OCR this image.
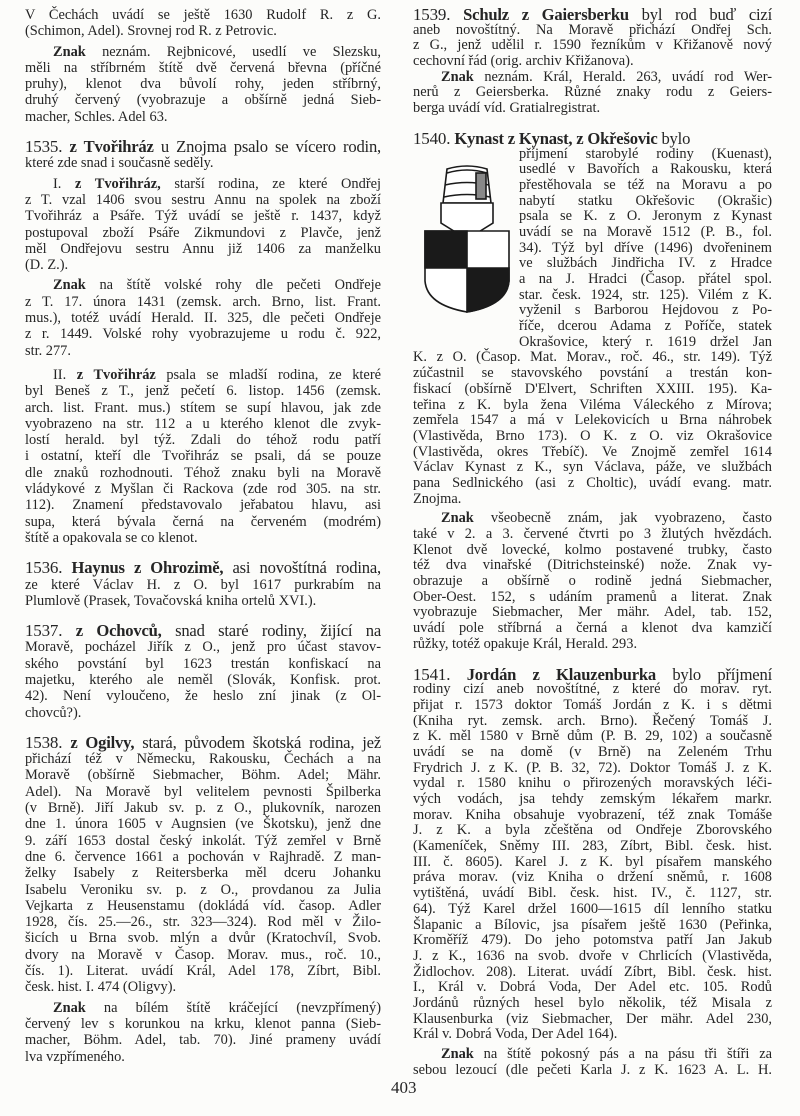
V Čechách uvádí se ještě 1630 Rudolf R. z G.
(Schimon, Adel). Srovnej rod R. z Petrovic.
Znak neznám. Rejbnicové, usedlí ve Slezsku,
měli na stříbrném štítě dvě červená břevna (příčné
pruhy), klenot dva bůvolí rohy, jeden stříbrný,
druhý červený (vyobrazuje a obšírně jedná Sieb-
macher, Schles. Adel 63.
1535. z Tvořihráz u Znojma psalo se vícero rodin,
které zde snad i současně seděly.
I. z Tvořihráz, starší rodina, ze které Ondřej
z T. vzal 1406 svou sestru Annu na spolek na zboží
Tvořihráz a Psáře. Týž uvádí se ještě r. 1437, když
postupoval zboží Psáře Zikmundovi z Plavče, jenž
měl Ondřejovu sestru Annu již 1406 za manželku
(D. Z.).
Znak na štítě volské rohy dle pečeti Ondřeje
z T. 17. února 1431 (zemsk. arch. Brno, list. Frant.
mus.), totéž uvádí Herald. II. 325, dle pečeti Ondřeje
z r. 1449. Volské rohy vyobrazujeme u rodu č. 922,
str. 277.
II. z Tvořihráz psala se mladší rodina, ze které
byl Beneš z T., jenž pečetí 6. listop. 1456 (zemsk.
arch. list. Frant. mus.) stítem se supí hlavou, jak zde
vyobrazeno na str. 112 a u kterého klenot dle zvyk-
lostí herald. byl týž. Zdali do téhož rodu patří
i ostatní, kteří dle Tvořihráz se psali, dá se pouze
dle znaků rozhodnouti. Téhož znaku byli na Moravě
vládykové z Myšlan či Rackova (zde rod 305. na str.
112). Znamení představovalo jeřabatou hlavu, asi
supa, která bývala černá na červeném (modrém)
štítě a opakovala se co klenot.
1536. Haynus z Ohrozimě, asi novoštítná rodina,
ze které Václav H. z O. byl 1617 purkrabím na
Plumlově (Prasek, Tovačovská kniha ortelů XVI.).
1537. z Ochovců, snad staré rodiny, žijící na
Moravě, pocházel Jiřík z O., jenž pro účast stavov-
ského povstání byl 1623 trestán konfiskací na
majetku, kterého ale neměl (Slovák, Konfisk. prot.
42). Není vyloučeno, že heslo zní jinak (z Ol-
chovců?).
1538. z Ogilvy, stará, původem škotská rodina, jež
přichází též v Německu, Rakousku, Čechách a na
Moravě (obšírně Siebmacher, Böhm. Adel; Mähr.
Adel). Na Moravě byl velitelem pevnosti Špilberka
(v Brně). Jiří Jakub sv. p. z O., plukovník, narozen
dne 1. února 1605 v Augnsien (ve Škotsku), jenž dne
9. září 1653 dostal český inkolát. Týž zemřel v Brně
dne 6. července 1661 a pochován v Rajhradě. Z man-
želky Isabely z Reitersberka měl dceru Johanku
Isabelu Veroniku sv. p. z O., provdanou za Julia
Vejkarta z Heusenstamu (dokládá víd. časop. Adler
1928, čís. 25.—26., str. 323—324). Rod měl v Žilo-
šicích u Brna svob. mlýn a dvůr (Kratochvíl, Svob.
dvory na Moravě v Časop. Morav. mus., roč. 10.,
čís. 1). Literat. uvádí Král, Adel 178, Zíbrt, Bibl.
česk. hist. I. 474 (Oligvy).
Znak na bílém štítě kráčející (nevzpřímený)
červený lev s korunkou na krku, klenot panna (Sieb-
macher, Böhm. Adel, tab. 70). Jiné prameny uvádí
lva vzpřímeného.
1539. Schulz z Gaiersberku byl rod buď cizí
aneb novoštítný. Na Moravě přichází Ondřej Sch.
z G., jenž udělil r. 1590 řezníkům v Křižanově nový
cechovní řád (orig. archiv Křižanova).
Znak neznám. Král, Herald. 263, uvádí rod Wer-
nerů z Geiersberka. Různé znaky rodu z Geiers-
berga uvádí víd. Gratialregistrat.
1540. Kynast z Kynast, z Okřešovic bylo
příjmení starobylé rodiny (Kuenast),
usedlé v Bavořích a Rakousku, která
přestěhovala se též na Moravu a po
nabytí statku Okřešovic (Okrašic)
psala se K. z O. Jeronym z Kynast
uvádí se na Moravě 1512 (P. B., fol.
34). Týž byl dříve (1496) dvořeninem
ve službách Jindřicha IV. z Hradce
a na J. Hradci (Časop. přátel spol.
star. česk. 1924, str. 125). Vilém z K.
vyženil s Barborou Hejdovou z Po-
říče, dcerou Adama z Poříče, statek
Okrašovice, který r. 1619 držel Jan
K. z O. (Časop. Mat. Morav., roč. 46., str. 149). Týž
zúčastnil se stavovského povstání a trestán kon-
fiskací (obšírně D'Elvert, Schriften XXIII. 195). Ka-
teřina z K. byla žena Viléma Váleckého z Mírova;
zemřela 1547 a má v Lelekovicích u Brna náhrobek
(Vlastivěda, Brno 173). O K. z O. viz Okrašovice
(Vlastivěda, okres Třebíč). Ve Znojmě zemřel 1614
Václav Kynast z K., syn Václava, páže, ve službách
pana Sedlnického (asi z Choltic), uvádí evang. matr.
Znojma.
Znak všeobecně znám, jak vyobrazeno, často
také v 2. a 3. červené čtvrti po 3 žlutých hvězdách.
Klenot dvě lovecké, kolmo postavené trubky, často
též dva vinařské (Ditrichsteinské) nože. Znak vy-
obrazuje a obšírně o rodině jedná Siebmacher,
Ober-Oest. 152, s udáním pramenů a literat. Znak
vyobrazuje Siebmacher, Mer mähr. Adel, tab. 152,
uvádí pole stříbrná a černá a klenot dva kamzičí
růžky, totéž opakuje Král, Herald. 293.
1541. Jordán z Klauzenburka bylo příjmení
rodiny cizí aneb novoštítné, z které do morav. ryt.
přijat r. 1573 doktor Tomáš Jordán z K. i s dětmi
(Kniha ryt. zemsk. arch. Brno). Řečený Tomáš J.
z K. měl 1580 v Brně dům (P. B. 29, 102) a současně
uvádí se na domě (v Brně) na Zeleném Trhu
Frydrich J. z K. (P. B. 32, 72). Doktor Tomáš J. z K.
vydal r. 1580 knihu o přirozených moravských léči-
vých vodách, jsa tehdy zemským lékařem markr.
morav. Kniha obsahuje vyobrazení, též znak Tomáše
J. z K. a byla zčeštěna od Ondřeje Zborovského
(Kameníček, Sněmy III. 283, Zíbrt, Bibl. česk. hist.
III. č. 8605). Karel J. z K. byl písařem manského
práva morav. (viz Kniha o držení sněmů, r. 1608
vytištěná, uvádí Bibl. česk. hist. IV., č. 1127, str.
64). Týž Karel držel 1600—1615 díl lenního statku
Šlapanic a Bílovic, jsa písařem ještě 1630 (Peřinka,
Kroměříž 479). Do jeho potomstva patří Jan Jakub
J. z K., 1636 na svob. dvoře v Chrlicích (Vlastivěda,
Židlochov. 208). Literat. uvádí Zíbrt, Bibl. česk. hist.
I., Král v. Dobrá Voda, Der Adel etc. 105. Rodů
Jordánů různých hesel bylo několik, též Misala z
Klausenburka (viz Siebmacher, Der mähr. Adel 230,
Král v. Dobrá Voda, Der Adel 164).
Znak na štítě pokosný pás a na pásu tři štíři za
sebou lezoucí (dle pečeti Karla J. z K. 1623 A. L. H.
403
